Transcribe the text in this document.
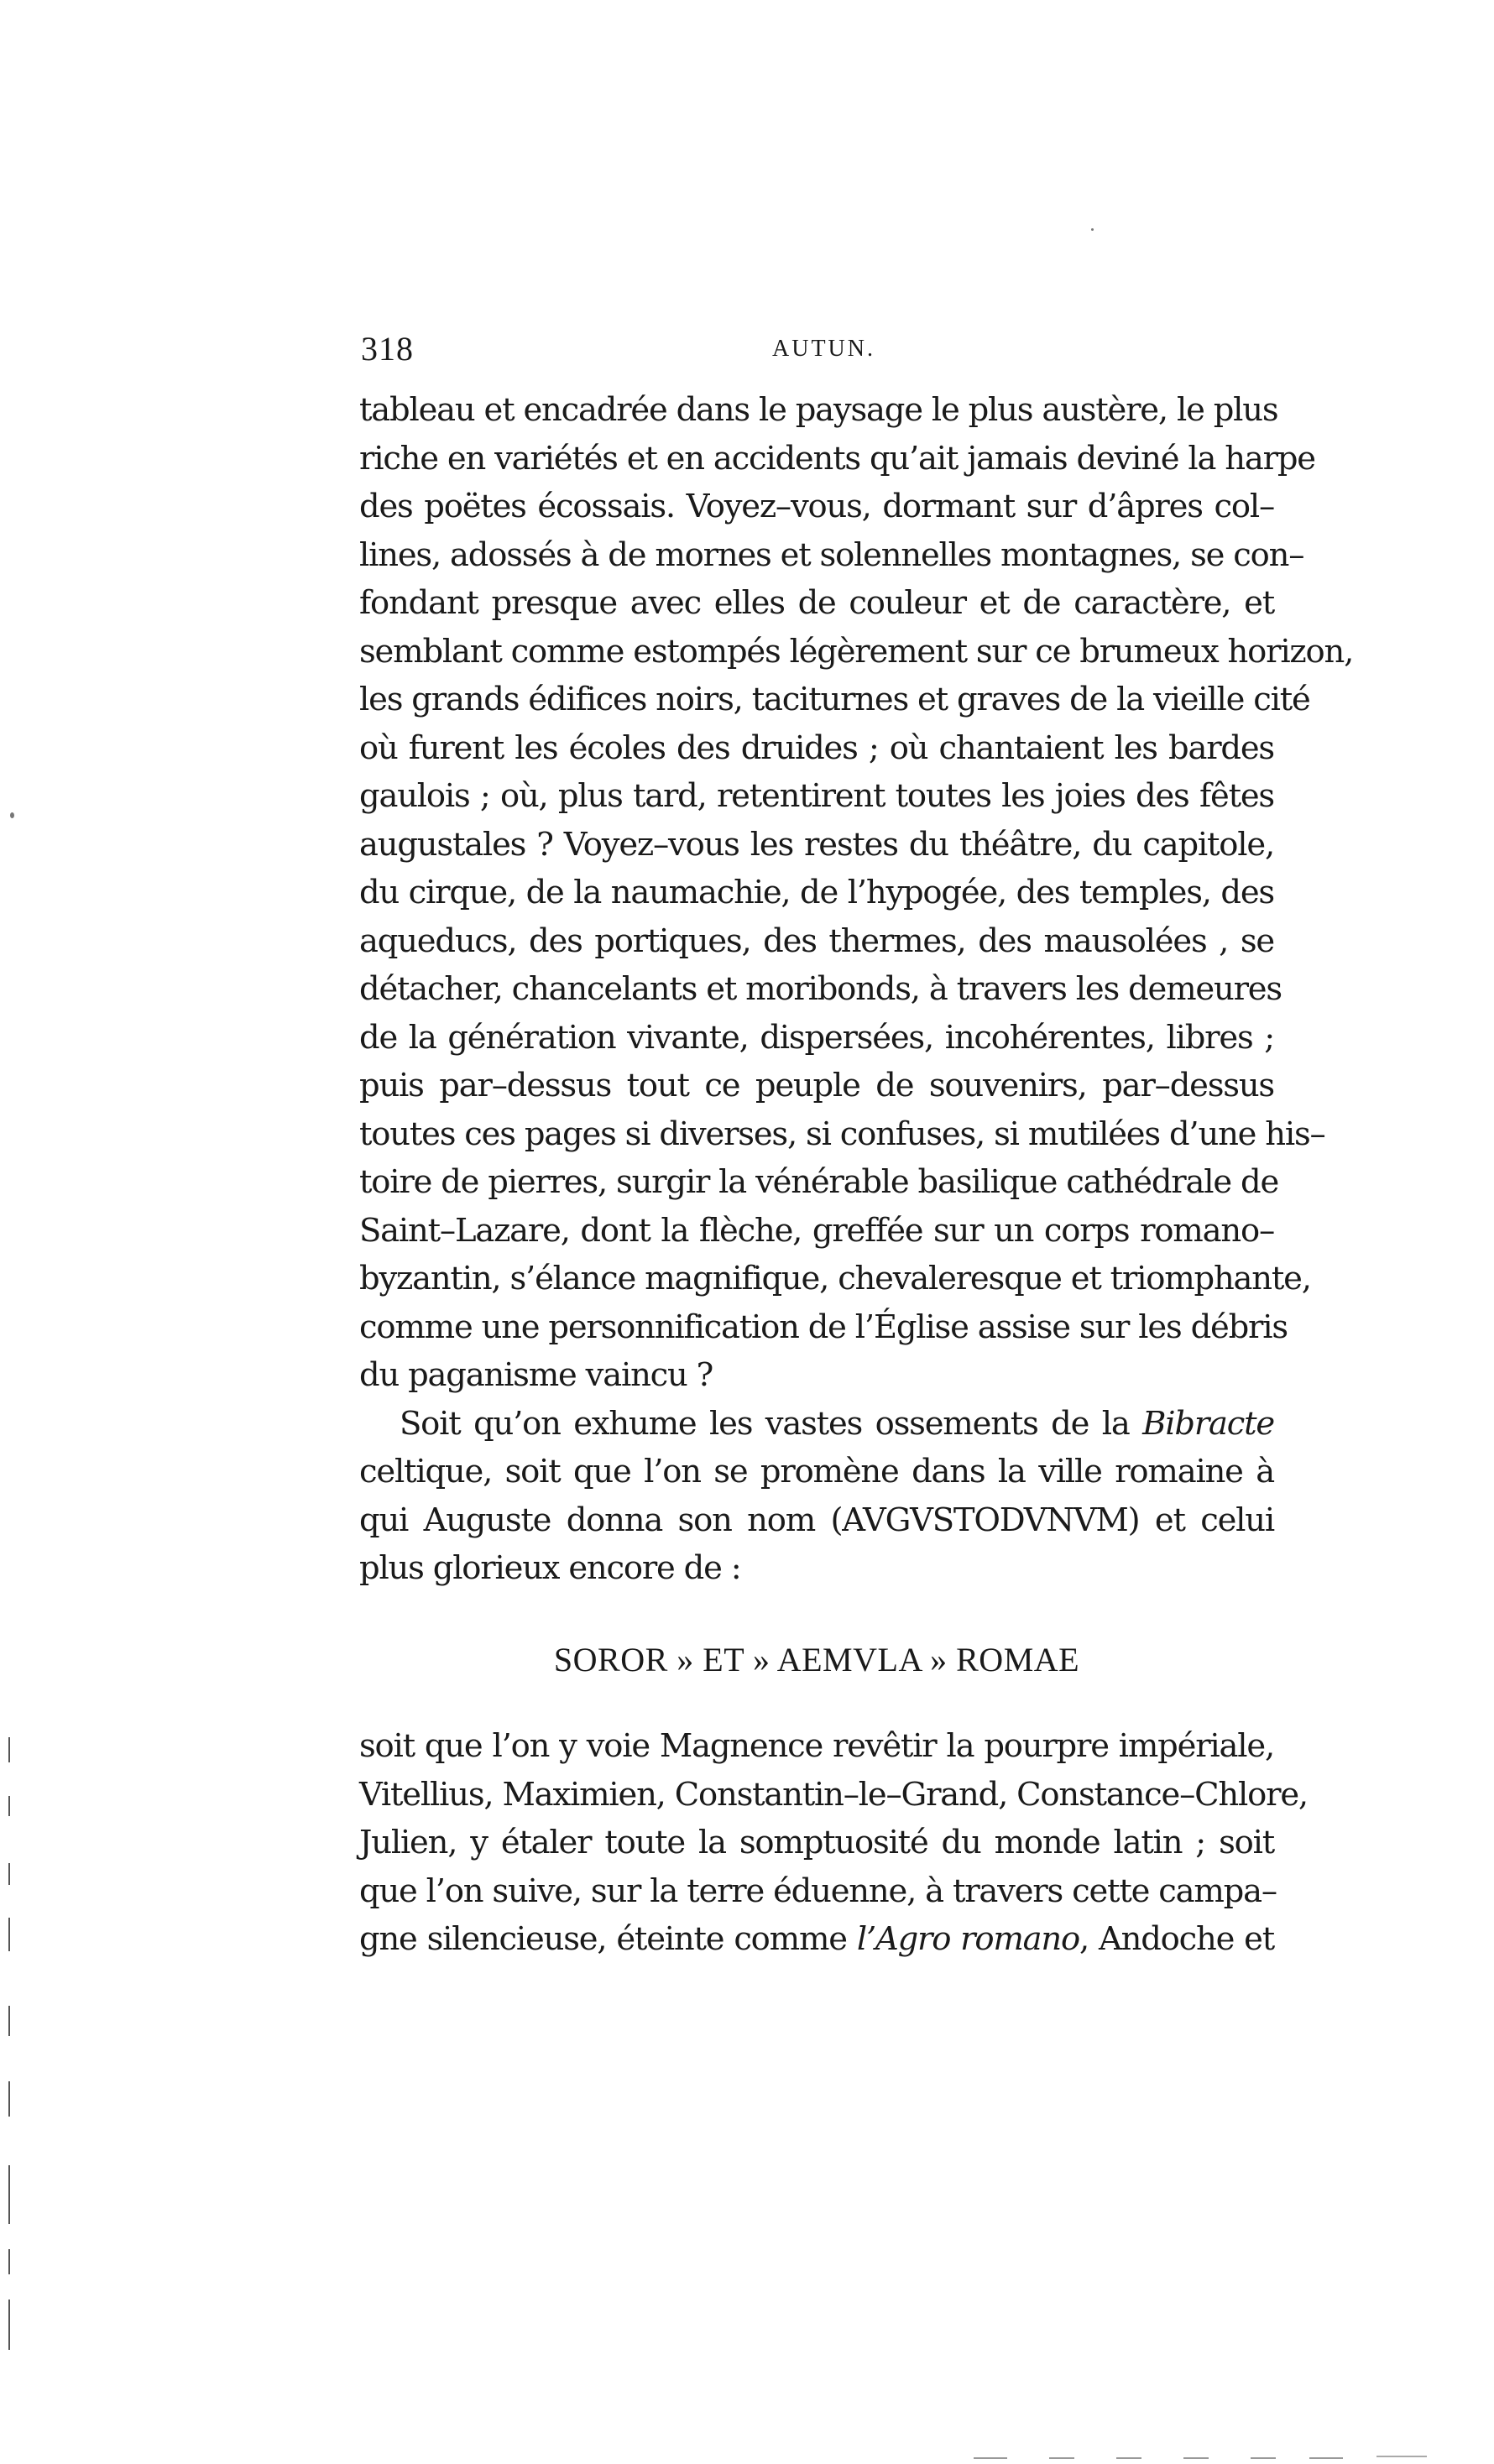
318	AUTUN.
tableau et encadrée dans le paysage le plus austère, le plus
riche en variétés et en accidents qu’ait jamais deviné la harpe
des poëtes écossais. Voyez–vous, dormant sur d’âpres col–
lines, adossés à de mornes et solennelles montagnes, se con–
fondant presque avec elles de couleur et de caractère, et
semblant comme estompés légèrement sur ce brumeux horizon,
les grands édifices noirs, taciturnes et graves de la vieille cité
où furent les écoles des druides ; où chantaient les bardes
gaulois ; où, plus tard, retentirent toutes les joies des fêtes
augustales ? Voyez–vous les restes du théâtre, du capitole,
du cirque, de la naumachie, de l’hypogée, des temples, des
aqueducs, des portiques, des thermes, des mausolées , se
détacher, chancelants et moribonds, à travers les demeures
de la génération vivante, dispersées, incohérentes, libres ;
puis par–dessus tout ce peuple de souvenirs, par–dessus
toutes ces pages si diverses, si confuses, si mutilées d’une his–
toire de pierres, surgir la vénérable basilique cathédrale de
Saint–Lazare, dont la flèche, greffée sur un corps romano–
byzantin, s’élance magnifique, chevaleresque et triomphante,
comme une personnification de l’Église assise sur les débris
du paganisme vaincu ?
Soit qu’on exhume les vastes ossements de la Bibracte
celtique, soit que l’on se promène dans la ville romaine à
qui Auguste donna son nom (AVGVSTODVNVM) et celui
plus glorieux encore de :
SOROR » ET » AEMVLA » ROMAE
soit que l’on y voie Magnence revêtir la pourpre impériale,
Vitellius, Maximien, Constantin–le–Grand, Constance–Chlore,
Julien, y étaler toute la somptuosité du monde latin ; soit
que l’on suive, sur la terre éduenne, à travers cette campa–
gne silencieuse, éteinte comme l’Agro romano, Andoche et
